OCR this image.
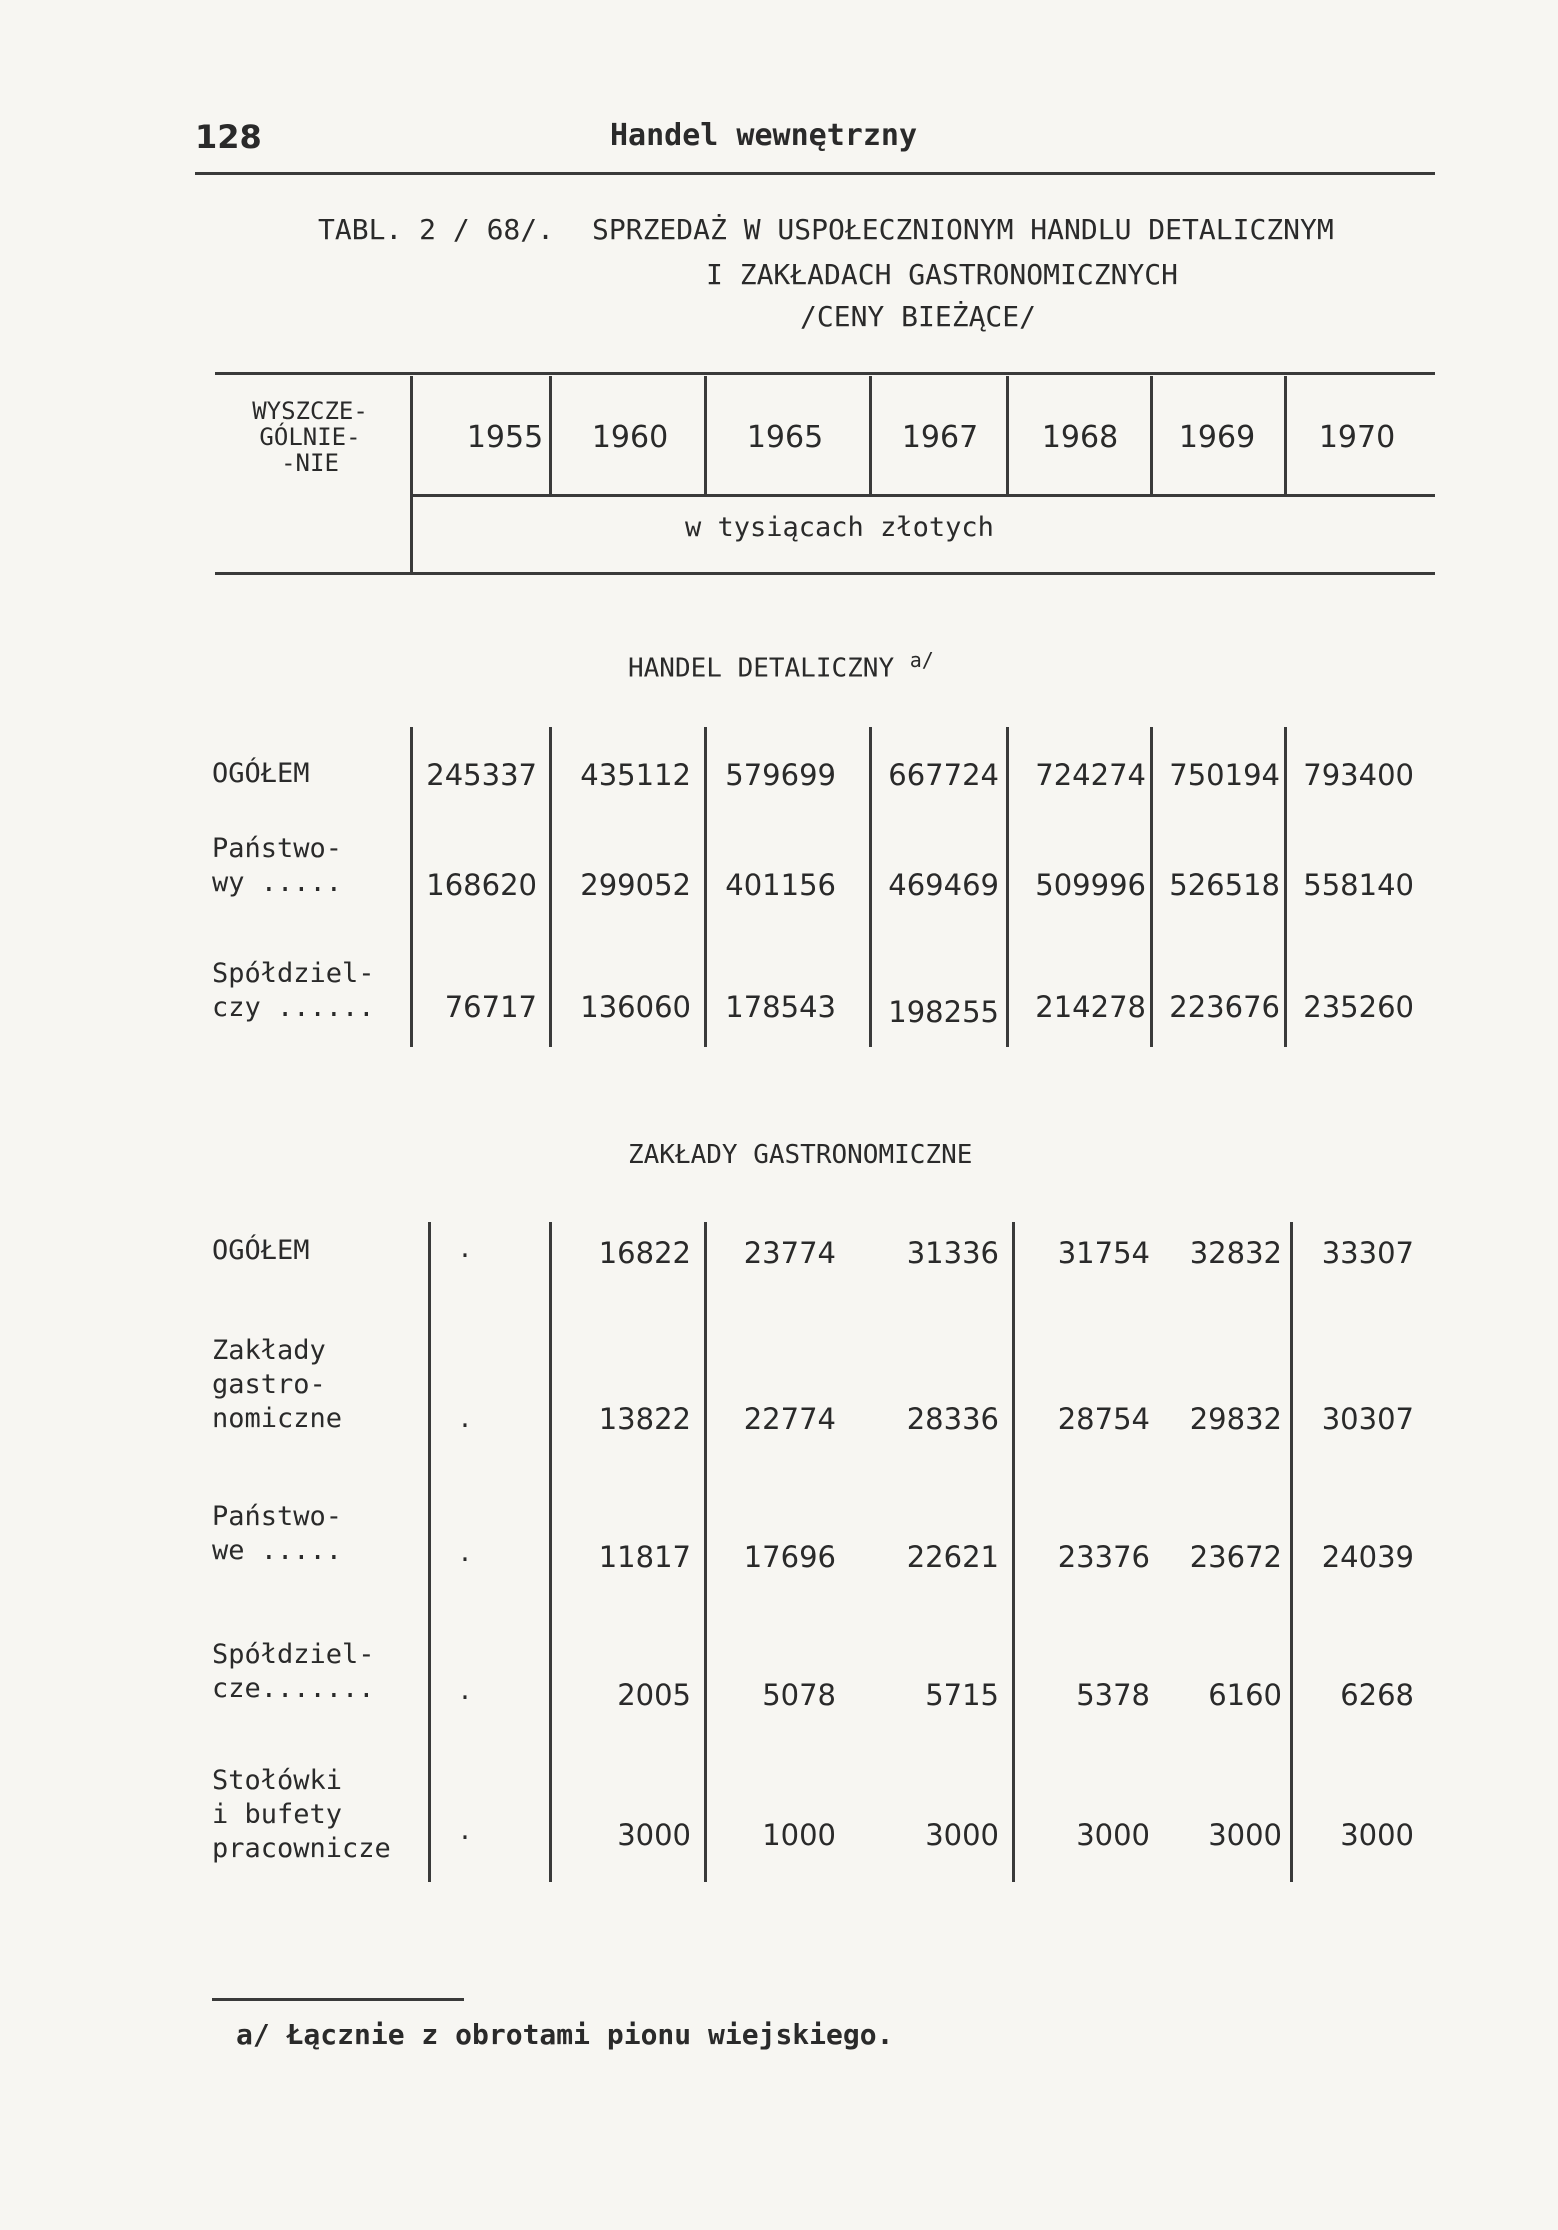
128	Handel wewnętrzny
TABL. 2 / 68/. SPRZEDAŻ W USPOŁECZNIONYM HANDLU DETALICZNYM
I ZAKŁADACH GASTRONOMICZNYCH
/CENY BIEŻĄCE/
WYSZCZE-
GÓLNIE-
-NIE
1955	1960	1965	1967	1968	1969	1970
w tysiącach złotych
HANDEL DETALICZNY $^{a/}$
OGÓŁEM	245337	435112	579699	667724	724274 750194 793400
Państwo-
wy .....	168620	299052	401156	469469	509996 526518 558140
Spółdziel-
czy ......	76717	136060	178543	198255	214278 223676 235260
ZAKŁADY GASTRONOMICZNE
OGÓŁEM	.	16822	23774	31336	31754	32832	33307
Zakłady
gastro-
nomiczne	.	13822	22774	28336	28754	29832	30307
Państwo-
we .....	.	11817	17696	22621	23376	23672	24039
Spółdziel-
cze.......	.	2005	5078	5715	5378	6160	6268
Stołówki
i bufety
pracownicze
.	3000	1000	3000	3000	3000	3000
a/ Łącznie z obrotami pionu wiejskiego.
